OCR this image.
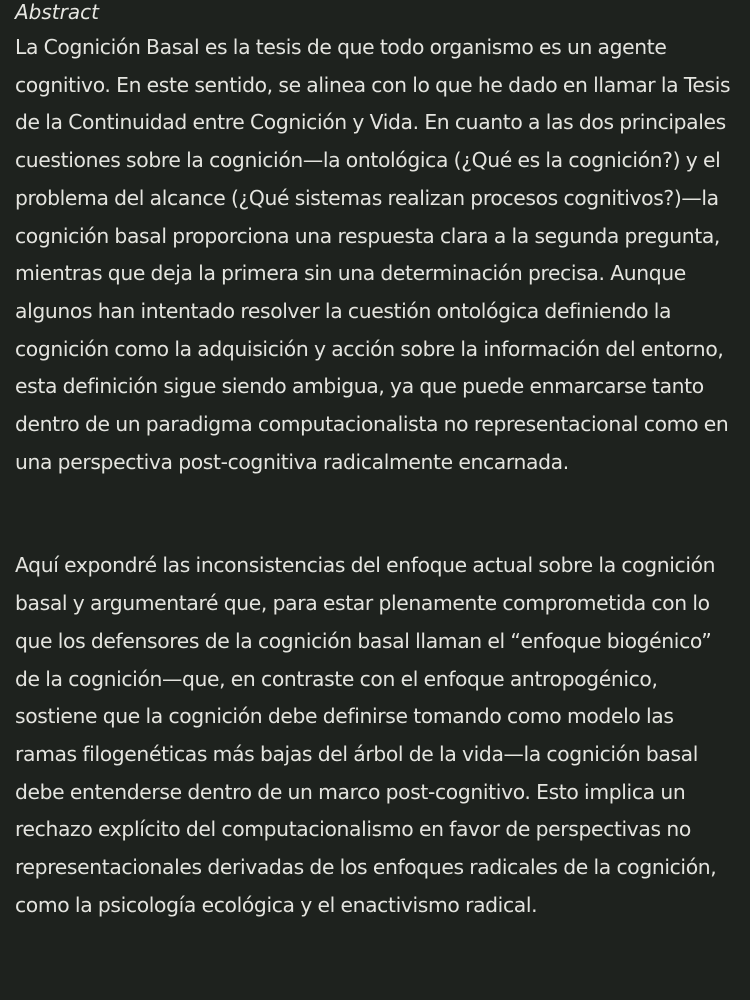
Abstract

La Cognición Basal es la tesis de que todo organismo es un agente cognitivo. En este sentido, se alinea con lo que he dado en llamar la Tesis de la Continuidad entre Cognición y Vida. En cuanto a las dos principales cuestiones sobre la cognición—la ontológica (¿Qué es la cognición?) y el problema del alcance (¿Qué sistemas realizan procesos cognitivos?)—la cognición basal proporciona una respuesta clara a la segunda pregunta, mientras que deja la primera sin una determinación precisa. Aunque algunos han intentado resolver la cuestión ontológica definiendo la cognición como la adquisición y acción sobre la información del entorno, esta definición sigue siendo ambigua, ya que puede enmarcarse tanto dentro de un paradigma computacionalista no representacional como en una perspectiva post-cognitiva radicalmente encarnada.

Aquí expondré las inconsistencias del enfoque actual sobre la cognición basal y argumentaré que, para estar plenamente comprometida con lo que los defensores de la cognición basal llaman el “enfoque biogénico” de la cognición—que, en contraste con el enfoque antropogénico, sostiene que la cognición debe definirse tomando como modelo las ramas filogenéticas más bajas del árbol de la vida—la cognición basal debe entenderse dentro de un marco post-cognitivo. Esto implica un rechazo explícito del computacionalismo en favor de perspectivas no representacionales derivadas de los enfoques radicales de la cognición, como la psicología ecológica y el enactivismo radical.
